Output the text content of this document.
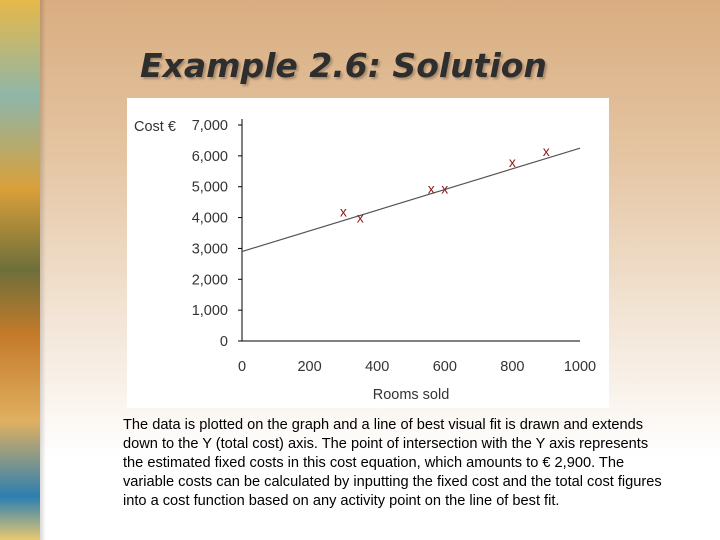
Example 2.6: Solution
0
1,000
2,000
3,000
4,000
5,000
6,000
7,000
0	200	400	600	800	1000
Cost €
Rooms sold
x x
x x
x
x

The data is plotted on the graph and a line of best visual fit is drawn and extends down to the Y (total cost) axis. The point of intersection with the Y axis represents the estimated fixed costs in this cost equation, which amounts to € 2,900. The variable costs can be calculated by inputting the fixed cost and the total cost figures into a cost function based on any activity point on the line of best fit.
